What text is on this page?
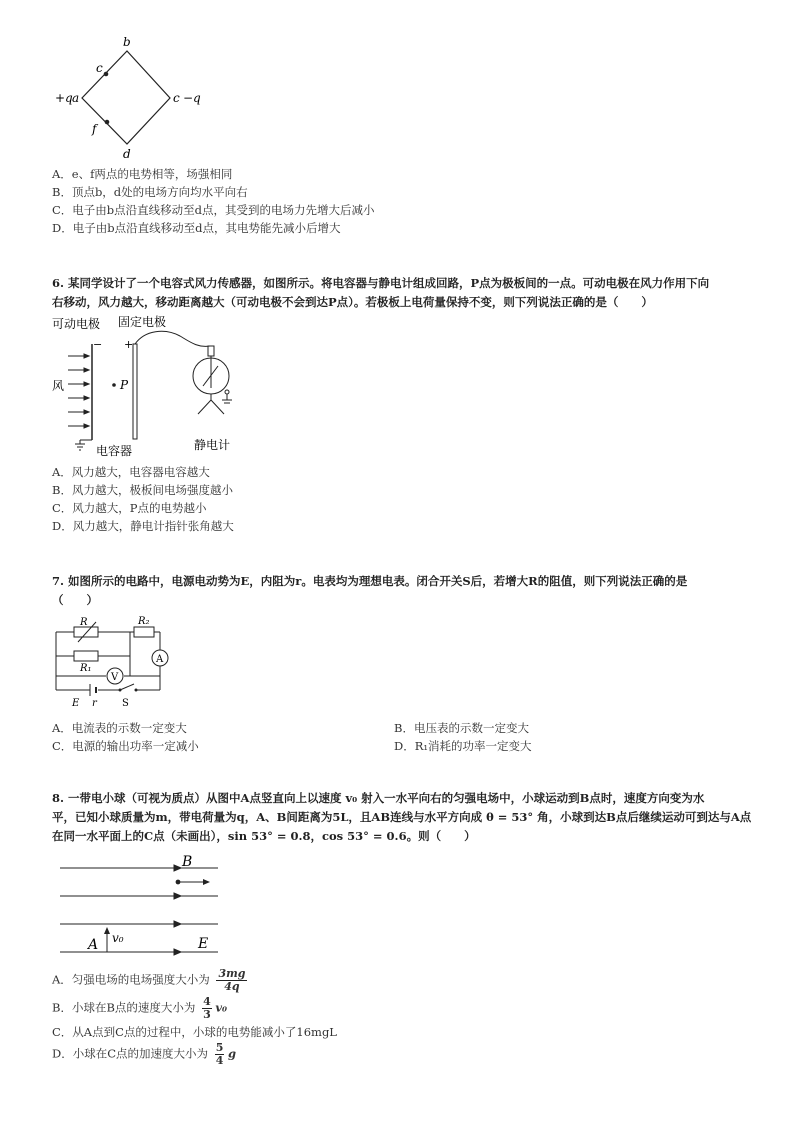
b
c
+q a	c −q
f
d
A．e、f两点的电势相等，场强相同
B．顶点b，d处的电场方向均水平向右
C．电子由b点沿直线移动至d点，其受到的电场力先增大后减小
D．电子由b点沿直线移动至d点，其电势能先减小后增大
6. 某同学设计了一个电容式风力传感器，如图所示。将电容器与静电计组成回路，P点为极板间的一点。可动电极在风力作用下向
右移动，风力越大，移动距离越大（可动电极不会到达P点）。若极板上电荷量保持不变，则下列说法正确的是（　　）
可动电极 固定电极
− +
风	P
电容器	静电计
A．风力越大，电容器电容越大
B．风力越大，极板间电场强度越小
C．风力越大，P点的电势越小
D．风力越大，静电计指针张角越大
7. 如图所示的电路中，电源电动势为E，内阻为r。电表均为理想电表。闭合开关S后，若增大R的阻值，则下列说法正确的是
（　　）
R	R₂
R₁
A
V
E r	S
A．电流表的示数一定变大	B．电压表的示数一定变大
C．电源的输出功率一定减小	D．R₁消耗的功率一定变大
8. 一带电小球（可视为质点）从图中A点竖直向上以速度 v₀ 射入一水平向右的匀强电场中，小球运动到B点时，速度方向变为水
平，已知小球质量为m，带电荷量为q，A、B间距离为5L，且AB连线与水平方向成 θ = 53° 角，小球到达B点后继续运动可到达与A点
在同一水平面上的C点（未画出），sin 53° = 0.8，cos 53° = 0.6。则（　　）
B
A v₀	E
A．匀强电场的电场强度大小为 $\frac{3mg}{4q}$
B．小球在B点的速度大小为 $\frac{4}{3} v_0$
C．从A点到C点的过程中，小球的电势能减小了16mgL
D．小球在C点的加速度大小为 $\frac{5}{4}$ g
